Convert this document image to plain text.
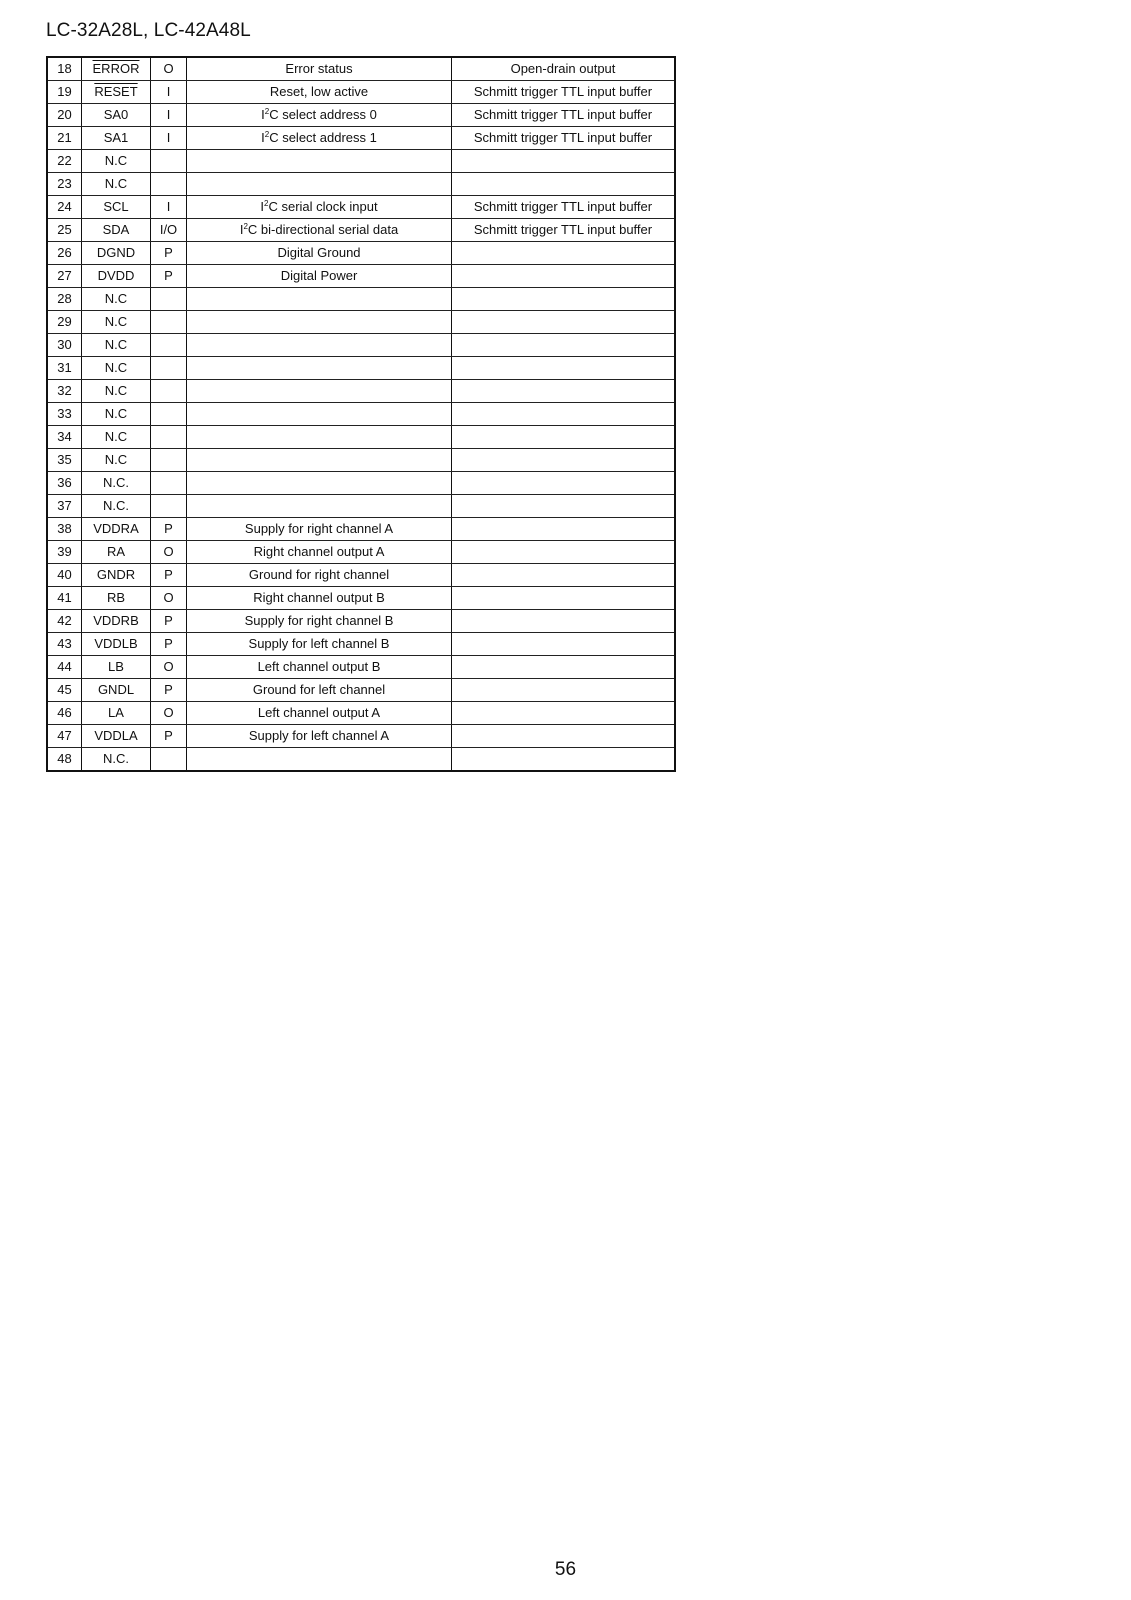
LC-32A28L, LC-42A48L
18	ERROR	O	Error status	Open-drain output
19	RESET	I	Reset, low active	Schmitt trigger TTL input buffer
20	SA0	I	$I^2C$ select address 0	Schmitt trigger TTL input buffer
21	SA1	I	$I^2C$ select address 1	Schmitt trigger TTL input buffer
22	N.C			
23	N.C			
24	SCL	I	$I^2C$ serial clock input	Schmitt trigger TTL input buffer
25	SDA	I/O	$I^2C$ bi-directional serial data	Schmitt trigger TTL input buffer
26	DGND	P	Digital Ground	
27	DVDD	P	Digital Power	
28	N.C			
29	N.C			
30	N.C			
31	N.C			
32	N.C			
33	N.C			
34	N.C			
35	N.C			
36	N.C.			
37	N.C.			
38	VDDRA	P	Supply for right channel A	
39	RA	O	Right channel output A	
40	GNDR	P	Ground for right channel	
41	RB	O	Right channel output B	
42	VDDRB	P	Supply for right channel B	
43	VDDLB	P	Supply for left channel B	
44	LB	O	Left channel output B	
45	GNDL	P	Ground for left channel	
46	LA	O	Left channel output A	
47	VDDLA	P	Supply for left channel A	
48	N.C.			
56
